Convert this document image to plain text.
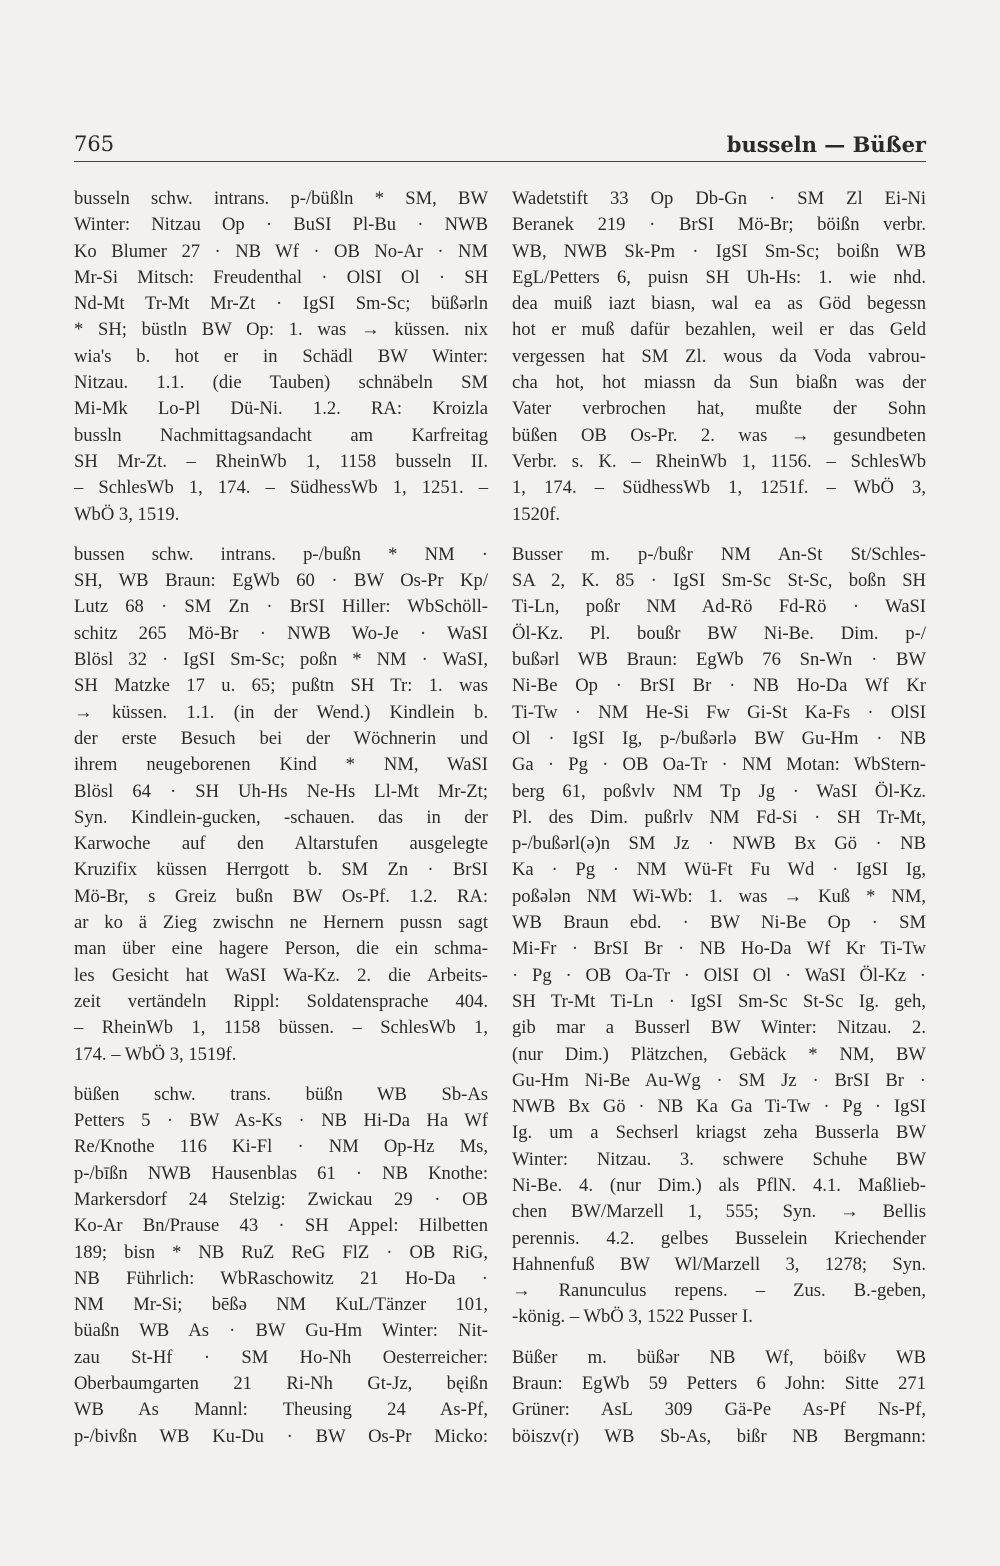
765	busseln — Büßer
busseln schw. intrans. p-/büßln * SM, BW
Winter: Nitzau Op · BuSI Pl-Bu · NWB
Ko Blumer 27 · NB Wf · OB No-Ar · NM
Mr-Si Mitsch: Freudenthal · OlSI Ol · SH
Nd-Mt Tr-Mt Mr-Zt · IgSI Sm-Sc; büßərln
* SH; büstln BW Op: 1. was → küssen. nix
wia's b. hot er in Schädl BW Winter:
Nitzau. 1.1. (die Tauben) schnäbeln SM
Mi-Mk Lo-Pl Dü-Ni. 1.2. RA: Kroizla
bussln Nachmittagsandacht am Karfreitag
SH Mr-Zt. – RheinWb 1, 1158 busseln II.
– SchlesWb 1, 174. – SüdhessWb 1, 1251. –
WbÖ 3, 1519.
bussen schw. intrans. p-/bußn * NM ·
SH, WB Braun: EgWb 60 · BW Os-Pr Kp/
Lutz 68 · SM Zn · BrSI Hiller: WbSchöll-
schitz 265 Mö-Br · NWB Wo-Je · WaSI
Blösl 32 · IgSI Sm-Sc; poßn * NM · WaSI,
SH Matzke 17 u. 65; pußtn SH Tr: 1. was
→ küssen. 1.1. (in der Wend.) Kindlein b.
der erste Besuch bei der Wöchnerin und
ihrem neugeborenen Kind * NM, WaSI
Blösl 64 · SH Uh-Hs Ne-Hs Ll-Mt Mr-Zt;
Syn. Kindlein-gucken, -schauen. das in der
Karwoche auf den Altarstufen ausgelegte
Kruzifix küssen Herrgott b. SM Zn · BrSI
Mö-Br, s Greiz bußn BW Os-Pf. 1.2. RA:
ar ko ä Zieg zwischn ne Hernern pussn sagt
man über eine hagere Person, die ein schma-
les Gesicht hat WaSI Wa-Kz. 2. die Arbeits-
zeit vertändeln Rippl: Soldatensprache 404.
– RheinWb 1, 1158 büssen. – SchlesWb 1,
174. – WbÖ 3, 1519f.
büßen schw. trans. büßn WB Sb-As
Petters 5 · BW As-Ks · NB Hi-Da Ha Wf
Re/Knothe 116 Ki-Fl · NM Op-Hz Ms,
p-/bīßn NWB Hausenblas 61 · NB Knothe:
Markersdorf 24 Stelzig: Zwickau 29 · OB
Ko-Ar Bn/Prause 43 · SH Appel: Hilbetten
189; bisn * NB RuZ ReG FlZ · OB RiG,
NB Führlich: WbRaschowitz 21 Ho-Da ·
NM Mr-Si; bēßə NM KuL/Tänzer 101,
büaßn WB As · BW Gu-Hm Winter: Nit-
zau St-Hf · SM Ho-Nh Oesterreicher:
Oberbaumgarten 21 Ri-Nh Gt-Jz, bęißn
WB As Mannl: Theusing 24 As-Pf,
p-/bivßn WB Ku-Du · BW Os-Pr Micko:
Wadetstift 33 Op Db-Gn · SM Zl Ei-Ni
Beranek 219 · BrSI Mö-Br; böißn verbr.
WB, NWB Sk-Pm · IgSI Sm-Sc; boißn WB
EgL/Petters 6, puisn SH Uh-Hs: 1. wie nhd.
dea muiß iazt biasn, wal ea as Göd begessn
hot er muß dafür bezahlen, weil er das Geld
vergessen hat SM Zl. wous da Voda vabrou-
cha hot, hot miassn da Sun biaßn was der
Vater verbrochen hat, mußte der Sohn
büßen OB Os-Pr. 2. was → gesundbeten
Verbr. s. K. – RheinWb 1, 1156. – SchlesWb
1, 174. – SüdhessWb 1, 1251f. – WbÖ 3,
1520f.
Busser m. p-/bußr NM An-St St/Schles-
SA 2, K. 85 · IgSI Sm-Sc St-Sc, boßn SH
Ti-Ln, poßr NM Ad-Rö Fd-Rö · WaSI
Öl-Kz. Pl. boußr BW Ni-Be. Dim. p-/
bußərl WB Braun: EgWb 76 Sn-Wn · BW
Ni-Be Op · BrSI Br · NB Ho-Da Wf Kr
Ti-Tw · NM He-Si Fw Gi-St Ka-Fs · OlSI
Ol · IgSI Ig, p-/bußərlə BW Gu-Hm · NB
Ga · Pg · OB Oa-Tr · NM Motan: WbStern-
berg 61, poßvlv NM Tp Jg · WaSI Öl-Kz.
Pl. des Dim. pußrlv NM Fd-Si · SH Tr-Mt,
p-/bußərl(ə)n SM Jz · NWB Bx Gö · NB
Ka · Pg · NM Wü-Ft Fu Wd · IgSI Ig,
poßələn NM Wi-Wb: 1. was → Kuß * NM,
WB Braun ebd. · BW Ni-Be Op · SM
Mi-Fr · BrSI Br · NB Ho-Da Wf Kr Ti-Tw
· Pg · OB Oa-Tr · OlSI Ol · WaSI Öl-Kz ·
SH Tr-Mt Ti-Ln · IgSI Sm-Sc St-Sc Ig. geh,
gib mar a Busserl BW Winter: Nitzau. 2.
(nur Dim.) Plätzchen, Gebäck * NM, BW
Gu-Hm Ni-Be Au-Wg · SM Jz · BrSI Br ·
NWB Bx Gö · NB Ka Ga Ti-Tw · Pg · IgSI
Ig. um a Sechserl kriagst zeha Busserla BW
Winter: Nitzau. 3. schwere Schuhe BW
Ni-Be. 4. (nur Dim.) als PflN. 4.1. Maßlieb-
chen BW/Marzell 1, 555; Syn. → Bellis
perennis. 4.2. gelbes Busselein Kriechender
Hahnenfuß BW Wl/Marzell 3, 1278; Syn.
→ Ranunculus repens. – Zus. B.-geben,
-könig. – WbÖ 3, 1522 Pusser I.
Büßer m. büßər NB Wf, böißv WB
Braun: EgWb 59 Petters 6 John: Sitte 271
Grüner: AsL 309 Gä-Pe As-Pf Ns-Pf,
böiszv(r) WB Sb-As, bißr NB Bergmann:
